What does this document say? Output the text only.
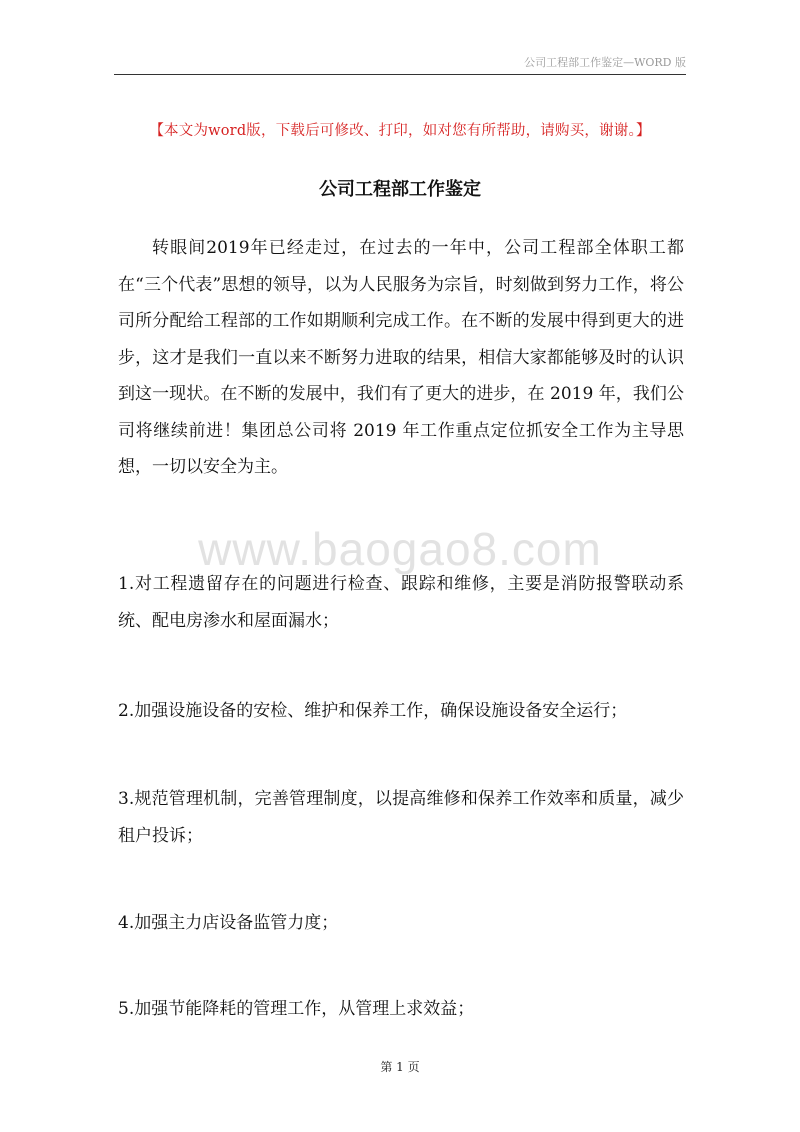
公司工程部工作鉴定—WORD 版
【本文为word版，下载后可修改、打印，如对您有所帮助，请购买，谢谢。】
公司工程部工作鉴定

转眼间2019年已经走过，在过去的一年中，公司工程部全体职工都在“三个代表”思想的领导，以为人民服务为宗旨，时刻做到努力工作，将公司所分配给工程部的工作如期顺利完成工作。在不断的发展中得到更大的进步，这才是我们一直以来不断努力进取的结果，相信大家都能够及时的认识到这一现状。在不断的发展中，我们有了更大的进步，在 2019 年，我们公司将继续前进！集团总公司将 2019 年工作重点定位抓安全工作为主导思想，一切以安全为主。

www.baogao8.com

1.对工程遗留存在的问题进行检查、跟踪和维修，主要是消防报警联动系统、配电房渗水和屋面漏水；

2.加强设施设备的安检、维护和保养工作，确保设施设备安全运行；

3.规范管理机制，完善管理制度，以提高维修和保养工作效率和质量，减少租户投诉；

4.加强主力店设备监管力度；

5.加强节能降耗的管理工作，从管理上求效益；

第 1 页
